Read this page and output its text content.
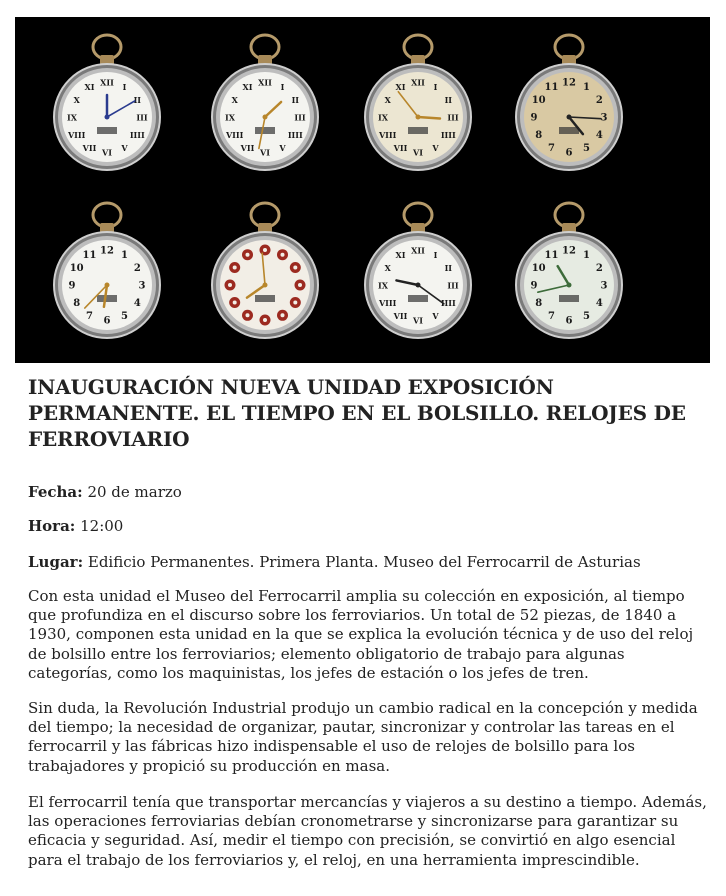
XII I
II
III
IIII
V
VI
VII
VIII
IX
X
XI	XII I
II
III
IIII
V
VI
VII
VIII
IX
X
XI	XII I
II
III
IIII
V
VI
VII
VIII
IX
X
XI	12 1
2
3
4
5
6
7
8
9
10
11
12 1
2
3
4
5
6
7
8
9
10
11	XII I
II
III
IIII
V
VI
VII
VIII
IX
X
XI	12 1
2
3
4
5
6
7
8
9
10
11
INAUGURACIÓN NUEVA UNIDAD EXPOSICIÓN PERMANENTE. EL TIEMPO EN EL BOLSILLO. RELOJES DE FERROVIARIO
Fecha: 20 de marzo
Hora: 12:00
Lugar: Edificio Permanentes. Primera Planta. Museo del Ferrocarril de Asturias

Con esta unidad el Museo del Ferrocarril amplia su colección en exposición, al tiempo que profundiza en el discurso sobre los ferroviarios. Un total de 52 piezas, de 1840 a 1930, componen esta unidad en la que se explica la evolución técnica y de uso del reloj de bolsillo entre los ferroviarios; elemento obligatorio de trabajo para algunas categorías, como los maquinistas, los jefes de estación o los jefes de tren.

Sin duda, la Revolución Industrial produjo un cambio radical en la concepción y medida del tiempo; la necesidad de organizar, pautar, sincronizar y controlar las tareas en el ferrocarril y las fábricas hizo indispensable el uso de relojes de bolsillo para los trabajadores y propició su producción en masa.

El ferrocarril tenía que transportar mercancías y viajeros a su destino a tiempo. Además, las operaciones ferroviarias debían cronometrarse y sincronizarse para garantizar su eficacia y seguridad. Así, medir el tiempo con precisión, se convirtió en algo esencial para el trabajo de los ferroviarios y, el reloj, en una herramienta imprescindible.
